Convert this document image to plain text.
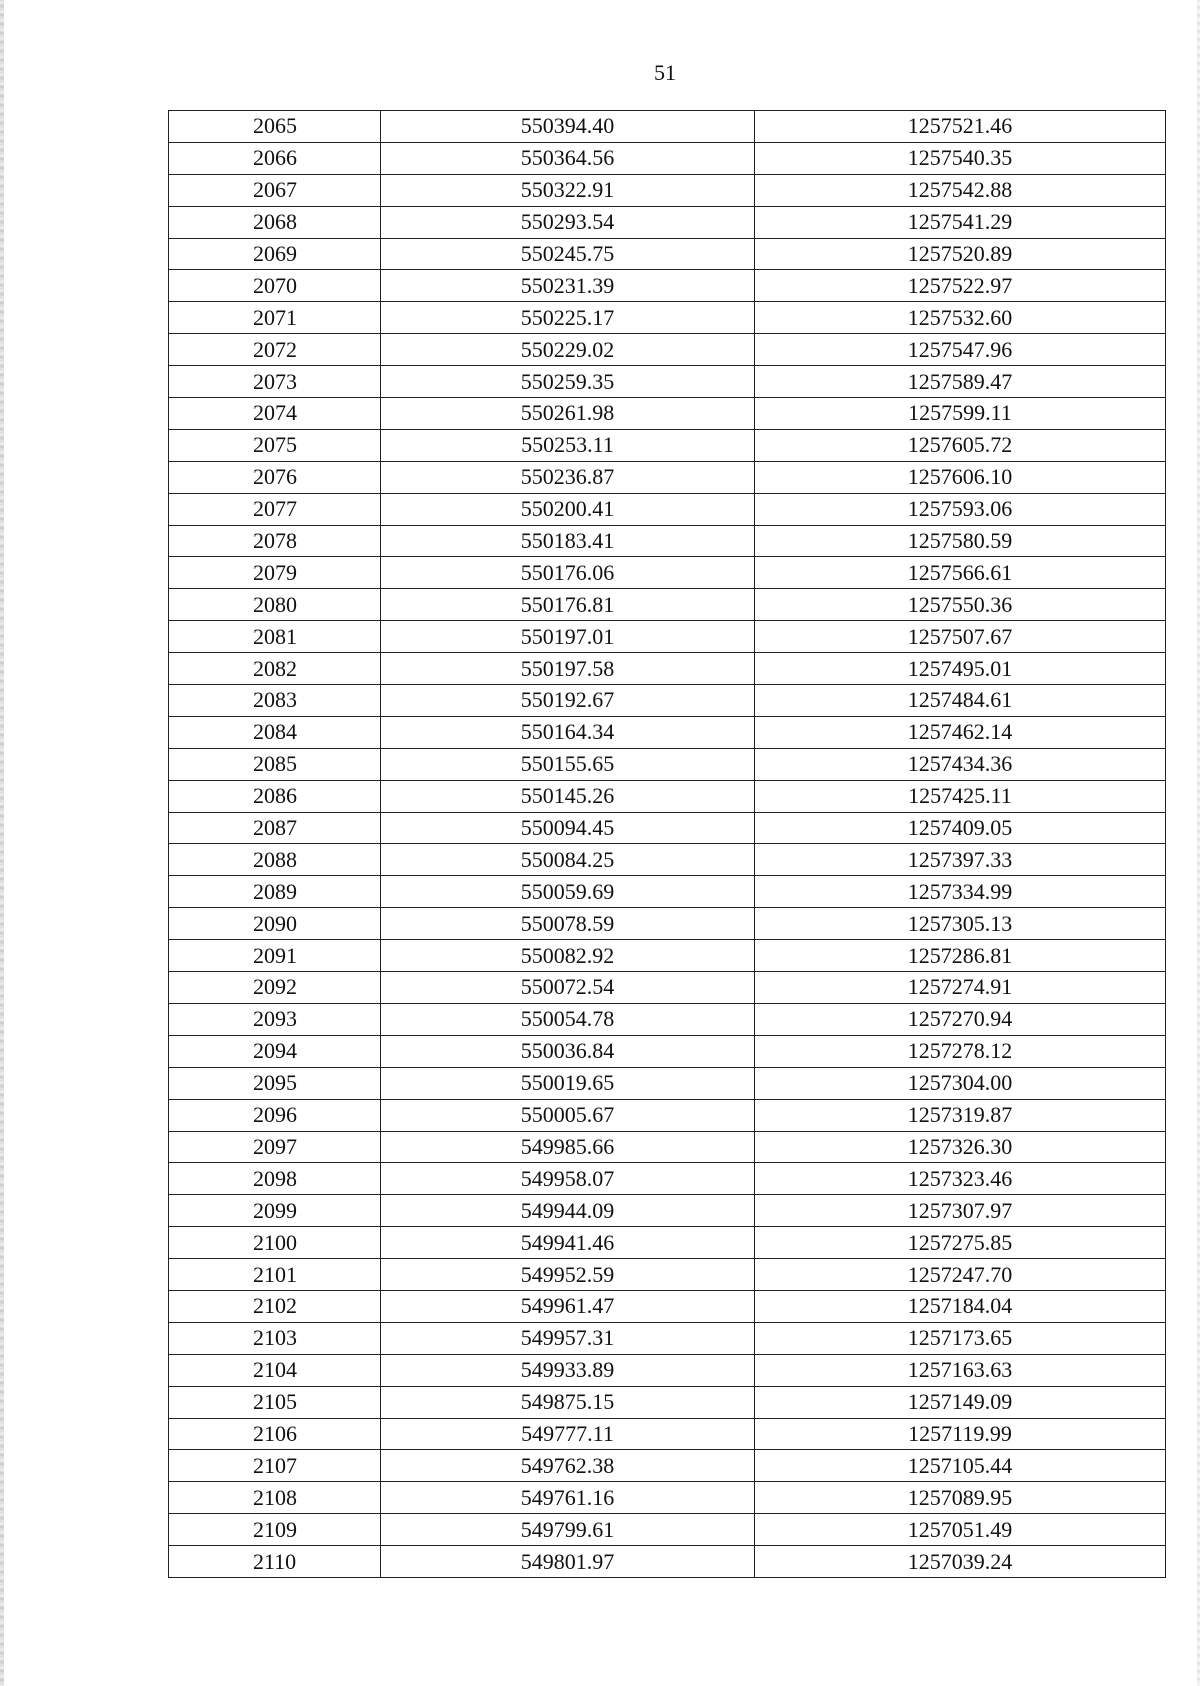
51
2065	550394.40	1257521.46
2066	550364.56	1257540.35
2067	550322.91	1257542.88
2068	550293.54	1257541.29
2069	550245.75	1257520.89
2070	550231.39	1257522.97
2071	550225.17	1257532.60
2072	550229.02	1257547.96
2073	550259.35	1257589.47
2074	550261.98	1257599.11
2075	550253.11	1257605.72
2076	550236.87	1257606.10
2077	550200.41	1257593.06
2078	550183.41	1257580.59
2079	550176.06	1257566.61
2080	550176.81	1257550.36
2081	550197.01	1257507.67
2082	550197.58	1257495.01
2083	550192.67	1257484.61
2084	550164.34	1257462.14
2085	550155.65	1257434.36
2086	550145.26	1257425.11
2087	550094.45	1257409.05
2088	550084.25	1257397.33
2089	550059.69	1257334.99
2090	550078.59	1257305.13
2091	550082.92	1257286.81
2092	550072.54	1257274.91
2093	550054.78	1257270.94
2094	550036.84	1257278.12
2095	550019.65	1257304.00
2096	550005.67	1257319.87
2097	549985.66	1257326.30
2098	549958.07	1257323.46
2099	549944.09	1257307.97
2100	549941.46	1257275.85
2101	549952.59	1257247.70
2102	549961.47	1257184.04
2103	549957.31	1257173.65
2104	549933.89	1257163.63
2105	549875.15	1257149.09
2106	549777.11	1257119.99
2107	549762.38	1257105.44
2108	549761.16	1257089.95
2109	549799.61	1257051.49
2110	549801.97	1257039.24
